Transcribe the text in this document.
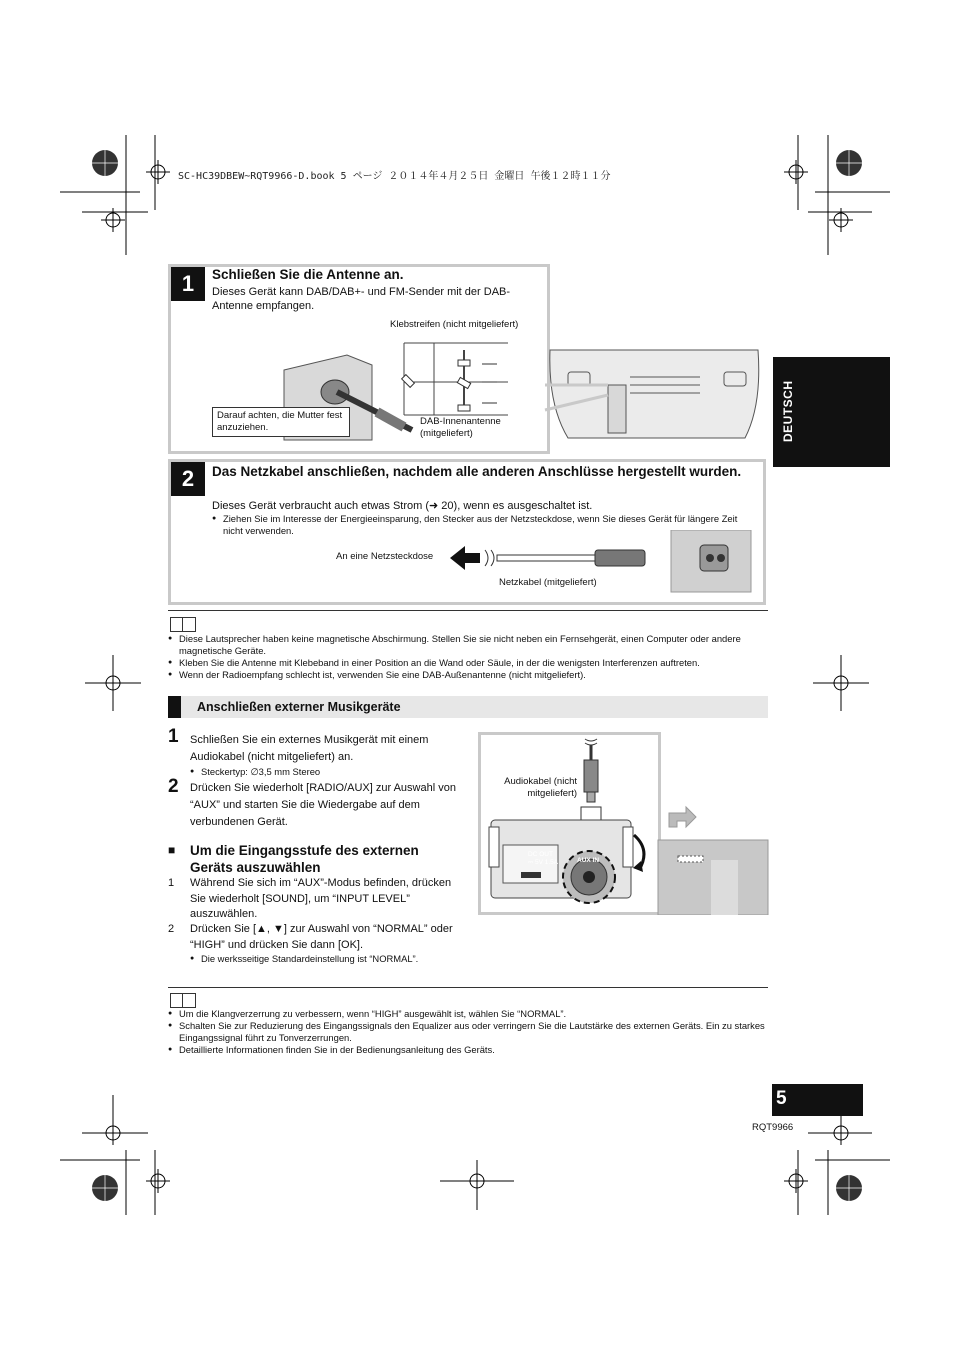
SC-HC39DBEW~RQT9966-D.book 5 ページ ２０１４年４月２５日 金曜日 午後１２時１１分
DEUTSCH
1	Schließen Sie die Antenne an.
Dieses Gerät kann DAB/DAB+- und FM-Sender mit der DAB-Antenne empfangen.
Klebstreifen (nicht mitgeliefert)
DAB-Innenantenne (mitgeliefert)
Darauf achten, die Mutter fest anzuziehen.
2	Das Netzkabel anschließen, nachdem alle anderen Anschlüsse hergestellt wurden.
Dieses Gerät verbraucht auch etwas Strom (➜ 20), wenn es ausgeschaltet ist.
● Ziehen Sie im Interesse der Energieeinsparung, den Stecker aus der Netzsteckdose, wenn Sie dieses Gerät für längere Zeit nicht verwenden.
An eine Netzsteckdose
Netzkabel (mitgeliefert)
● Diese Lautsprecher haben keine magnetische Abschirmung. Stellen Sie sie nicht neben ein Fernsehgerät, einen Computer oder andere magnetische Geräte.
● Kleben Sie die Antenne mit Klebeband in einer Position an die Wand oder Säule, in der die wenigsten Interferenzen auftreten.
● Wenn der Radioempfang schlecht ist, verwenden Sie eine DAB-Außenantenne (nicht mitgeliefert).
Anschließen externer Musikgeräte
1 Schließen Sie ein externes Musikgerät mit einem Audiokabel (nicht mitgeliefert) an.
● Steckertyp: ∅3,5 mm Stereo
2 Drücken Sie wiederholt [RADIO/AUX] zur Auswahl von “AUX” und starten Sie die Wiedergabe auf dem verbundenen Gerät.
■ Um die Eingangsstufe des externen Geräts auszuwählen
1 Während Sie sich im “AUX”-Modus befinden, drücken Sie wiederholt [SOUND], um “INPUT LEVEL” auszuwählen.
2 Drücken Sie [▲, ▼] zur Auswahl von “NORMAL” oder “HIGH” und drücken Sie dann [OK].
● Die werksseitige Standardeinstellung ist “NORMAL”.
Audiokabel (nicht mitgeliefert)
DC OUT
⎓ 5V 1.5A	AUX IN
● Um die Klangverzerrung zu verbessern, wenn “HIGH” ausgewählt ist, wählen Sie “NORMAL”.
● Schalten Sie zur Reduzierung des Eingangssignals den Equalizer aus oder verringern Sie die Lautstärke des externen Geräts. Ein zu starkes Eingangssignal führt zu Tonverzerrungen.
● Detaillierte Informationen finden Sie in der Bedienungsanleitung des Geräts.
5
RQT9966
